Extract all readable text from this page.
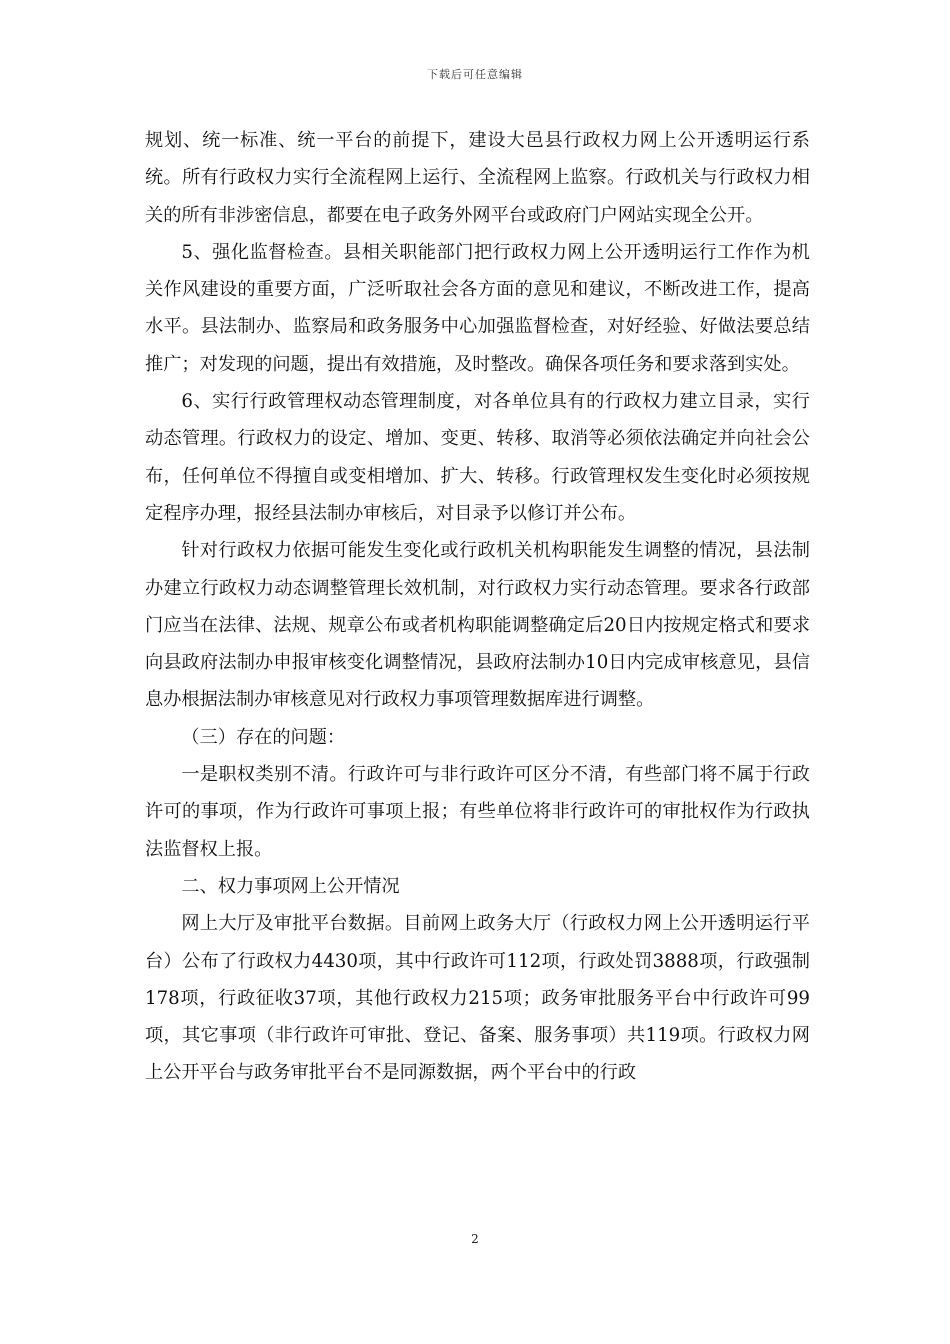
下载后可任意编辑

规划、统一标准、统一平台的前提下，建设大邑县行政权力网上公开透明运行系统。所有行政权力实行全流程网上运行、全流程网上监察。行政机关与行政权力相关的所有非涉密信息，都要在电子政务外网平台或政府门户网站实现全公开。

5、强化监督检查。县相关职能部门把行政权力网上公开透明运行工作作为机关作风建设的重要方面，广泛听取社会各方面的意见和建议，不断改进工作，提高水平。县法制办、监察局和政务服务中心加强监督检查，对好经验、好做法要总结推广；对发现的问题，提出有效措施，及时整改。确保各项任务和要求落到实处。

6、实行行政管理权动态管理制度，对各单位具有的行政权力建立目录，实行动态管理。行政权力的设定、增加、变更、转移、取消等必须依法确定并向社会公布，任何单位不得擅自或变相增加、扩大、转移。行政管理权发生变化时必须按规定程序办理，报经县法制办审核后，对目录予以修订并公布。

针对行政权力依据可能发生变化或行政机关机构职能发生调整的情况，县法制办建立行政权力动态调整管理长效机制，对行政权力实行动态管理。要求各行政部门应当在法律、法规、规章公布或者机构职能调整确定后20日内按规定格式和要求向县政府法制办申报审核变化调整情况，县政府法制办10日内完成审核意见，县信息办根据法制办审核意见对行政权力事项管理数据库进行调整。

（三）存在的问题：

一是职权类别不清。行政许可与非行政许可区分不清，有些部门将不属于行政许可的事项，作为行政许可事项上报；有些单位将非行政许可的审批权作为行政执法监督权上报。

二、权力事项网上公开情况

网上大厅及审批平台数据。目前网上政务大厅（行政权力网上公开透明运行平台）公布了行政权力4430项，其中行政许可112项，行政处罚3888项，行政强制178项，行政征收37项，其他行政权力215项；政务审批服务平台中行政许可99项，其它事项（非行政许可审批、登记、备案、服务事项）共119项。行政权力网上公开平台与政务审批平台不是同源数据，两个平台中的行政

2
